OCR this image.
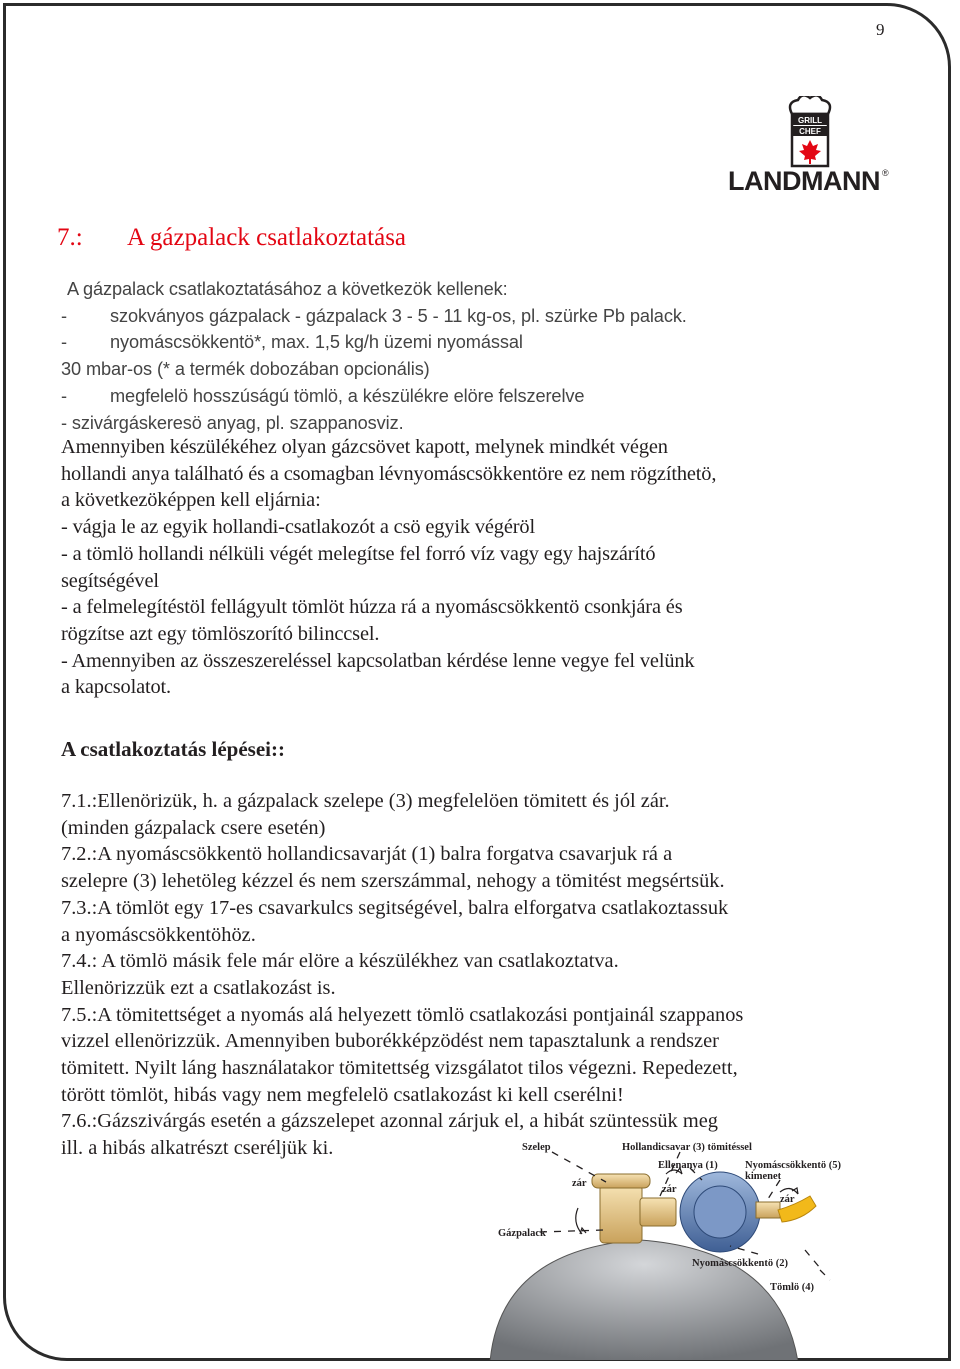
9
GRILL
CHEF
LANDMANN ®
7.: A gázpalack csatlakoztatása

A gázpalack csatlakoztatásához a következök kellenek:

- szokványos gázpalack - gázpalack 3 - 5 - 11 kg-os, pl. szürke Pb palack.

- nyomáscsökkentö*, max. 1,5 kg/h üzemi nyomással

30 mbar-os (* a termék dobozában opcionális)

- megfelelö hosszúságú tömlö, a készülékre elöre felszerelve

- szivárgáskeresö anyag, pl. szappanosviz.

Amennyiben készülékéhez olyan gázcsövet kapott, melynek mindkét végen

hollandi anya található és a csomagban lévnyomáscsökkentöre ez nem rögzíthetö,

a következöképpen kell eljárnia:

- vágja le az egyik hollandi-csatlakozót a csö egyik végéröl

- a tömlö hollandi nélküli végét melegítse fel forró víz vagy egy hajszárító

segítségével

- a felmelegítéstöl fellágyult tömlöt húzza rá a nyomáscsökkentö csonkjára és

rögzítse azt egy tömlöszorító bilinccsel.

- Amennyiben az összeszereléssel kapcsolatban kérdése lenne vegye fel velünk

a kapcsolatot.

A csatlakoztatás lépései::

7.1.:Ellenörizük, h. a gázpalack szelepe (3) megfelelöen tömitett és jól zár.

(minden gázpalack csere esetén)

7.2.:A nyomáscsökkentö hollandicsavarját (1) balra forgatva csavarjuk rá a

szelepre (3) lehetöleg kézzel és nem szerszámmal, nehogy a tömitést megsértsük.

7.3.:A tömlöt egy 17-es csavarkulcs segitségével, balra elforgatva csatlakoztassuk

a nyomáscsökkentöhöz.

7.4.: A tömlö másik fele már elöre a készülékhez van csatlakoztatva.

Ellenörizzük ezt a csatlakozást is.

7.5.:A tömitettséget a nyomás alá helyezett tömlö csatlakozási pontjainál szappanos

vizzel ellenörizzük. Amennyiben buborékképzödést nem tapasztalunk a rendszer

tömitett. Nyilt láng használatakor tömitettség vizsgálatot tilos végezni. Repedezett,

törött tömlöt, hibás vagy nem megfelelö csatlakozást ki kell cserélni!

7.6.:Gázszivárgás esetén a gázszelepet azonnal zárjuk el, a hibát szüntessük meg

ill. a hibás alkatrészt cseréljük ki.	Szelep	Hollandicsavar (3) tömitéssel
Ellenanya (1)	Nyomáscsökkentö (5)
kimenet
zár
zár
zár
Gázpalack
Nyomáscsökkentö (2)
Tömlö (4)
